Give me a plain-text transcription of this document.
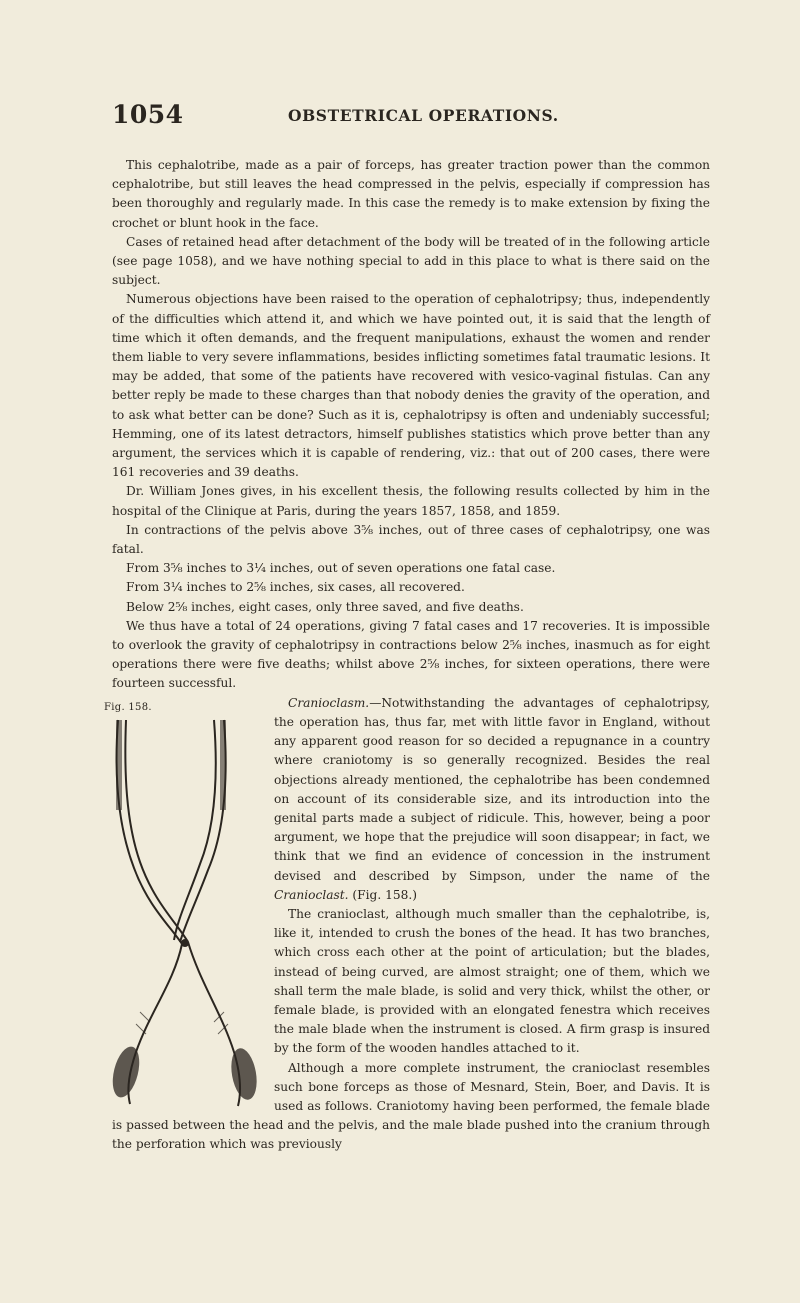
1054	OBSTETRICAL OPERATIONS.

This cephalotribe, made as a pair of forceps, has greater traction power than the common cephalotribe, but still leaves the head compressed in the pelvis, especially if compression has been thoroughly and regularly made. In this case the remedy is to make extension by fixing the crochet or blunt hook in the face.

Cases of retained head after detachment of the body will be treated of in the following article (see page 1058), and we have nothing special to add in this place to what is there said on the subject.

Numerous objections have been raised to the operation of cephalotripsy; thus, independently of the difficulties which attend it, and which we have pointed out, it is said that the length of time which it often demands, and the frequent manipulations, exhaust the women and render them liable to very severe inflammations, besides inflicting sometimes fatal traumatic lesions. It may be added, that some of the patients have recovered with vesico-vaginal fistulas. Can any better reply be made to these charges than that nobody denies the gravity of the operation, and to ask what better can be done? Such as it is, cephalotripsy is often and undeniably successful; Hemming, one of its latest detractors, himself publishes statistics which prove better than any argument, the services which it is capable of rendering, viz.: that out of 200 cases, there were 161 recoveries and 39 deaths.

Dr. William Jones gives, in his excellent thesis, the following results collected by him in the hospital of the Clinique at Paris, during the years 1857, 1858, and 1859.

In contractions of the pelvis above 3⅝ inches, out of three cases of cephalotripsy, one was fatal.

From 3⅝ inches to 3¼ inches, out of seven operations one fatal case.

From 3¼ inches to 2⅝ inches, six cases, all recovered.

Below 2⅝ inches, eight cases, only three saved, and five deaths.

We thus have a total of 24 operations, giving 7 fatal cases and 17 recoveries. It is impossible to overlook the gravity of cephalotripsy in contractions below 2⅝ inches, inasmuch as for eight operations there were five deaths; whilst above 2⅝ inches, for sixteen operations, there were fourteen successful.

Cranioclasm.
Fig. 158.	—Notwithstanding the advantages of cephalotripsy, the operation has, thus far, met with little favor in England, without any apparent good reason for so decided a repugnance in a country where craniotomy is so generally recognized. Besides the real objections already mentioned, the cephalotribe has been condemned on account of its considerable size, and its introduction into the genital parts made a subject of ridicule. This, however, being a poor argument, we hope that the prejudice will soon disappear; in fact, we think that we find an evidence of concession in the instrument devised and described by Simpson, under the name of the Cranioclast. (Fig. 158.)

The cranioclast, although much smaller than the cephalotribe, is, like it, intended to crush the bones of the head. It has two branches, which cross each other at the point of articulation; but the blades, instead of being curved, are almost straight; one of them, which we shall term the male blade, is solid and very thick, whilst the other, or female blade, is provided with an elongated fenestra which receives the male blade when the instrument is closed. A firm grasp is insured by the form of the wooden handles attached to it.

Although a more complete instrument, the cranioclast resembles such bone forceps as those of Mesnard, Stein, Boer, and Davis. It is used as follows. Craniotomy having been performed, the female blade is passed between the head and the pelvis, and the male blade pushed into the cranium through the perforation which was previously
